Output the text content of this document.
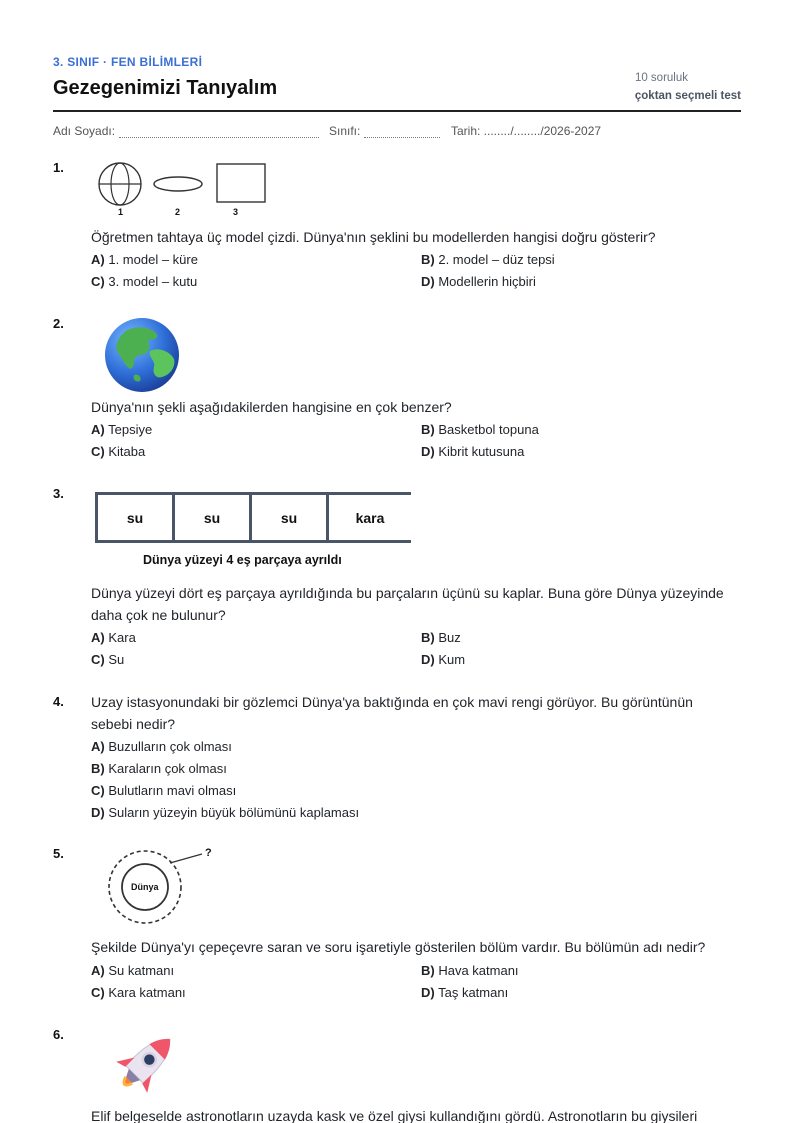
3. SINIF · FEN BİLİMLERİ
Gezegenimizi Tanıyalım	10 soruluk
çoktan seçmeli test
Adı Soyadı:	Sınıfı:	Tarih: ......../......../2026-2027
1.
1	2	3
Öğretmen tahtaya üç model çizdi. Dünya'nın şeklini bu modellerden hangisi doğru gösterir?
A) 1. model – küre	B) 2. model – düz tepsi
C) 3. model – kutu	D) Modellerin hiçbiri
2.
Dünya'nın şekli aşağıdakilerden hangisine en çok benzer?
A) Tepsiye	B) Basketbol topuna
C) Kitaba	D) Kibrit kutusuna
3.
su	su	su	kara
Dünya yüzeyi 4 eş parçaya ayrıldı
Dünya yüzeyi dört eş parçaya ayrıldığında bu parçaların üçünü su kaplar. Buna göre Dünya yüzeyinde
daha çok ne bulunur?
A) Kara	B) Buz
C) Su	D) Kum
4. Uzay istasyonundaki bir gözlemci Dünya'ya baktığında en çok mavi rengi görüyor. Bu görüntünün
sebebi nedir?
A) Buzulların çok olması
B) Karaların çok olması
C) Bulutların mavi olması
D) Suların yüzeyin büyük bölümünü kaplaması
5.
Dünya
?
Şekilde Dünya'yı çepeçevre saran ve soru işaretiyle gösterilen bölüm vardır. Bu bölümün adı nedir?
A) Su katmanı	B) Hava katmanı
C) Kara katmanı	D) Taş katmanı
6.
Elif belgeselde astronotların uzayda kask ve özel giysi kullandığını gördü. Astronotların bu giysileri
